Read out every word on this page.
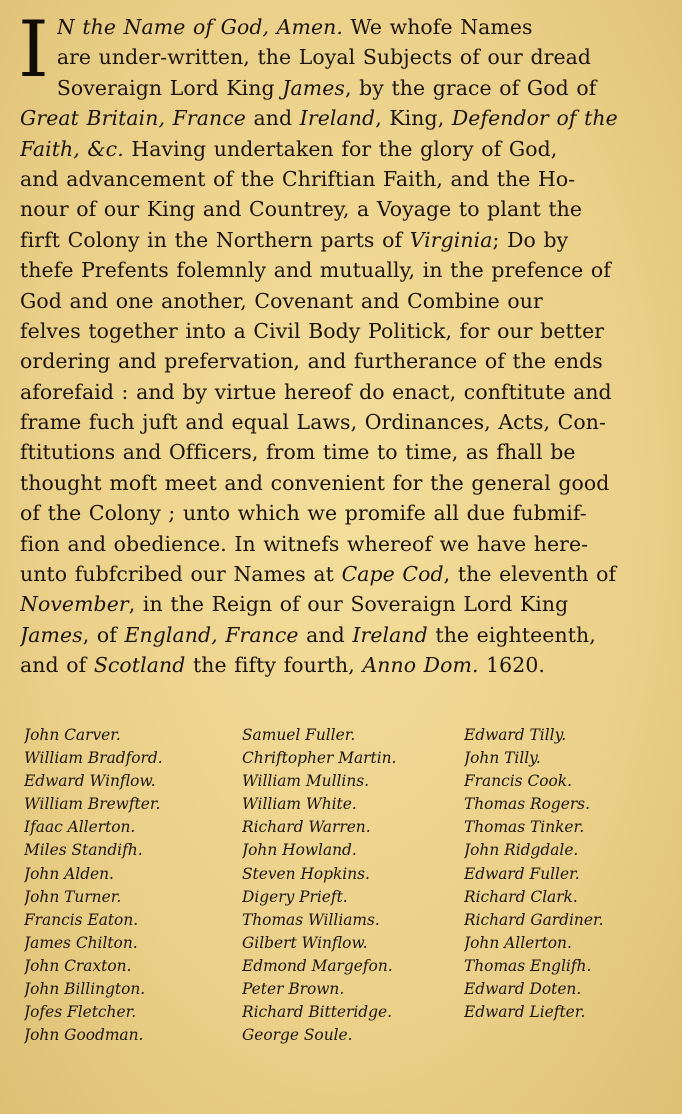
I N the Name of God, Amen. We whofe Names
are under-written, the Loyal Subjects of our dread
Soveraign Lord King James, by the grace of God of
Great Britain, France and Ireland, King, Defendor of the
Faith, &c. Having undertaken for the glory of God,
and advancement of the Chriftian Faith, and the Ho-
nour of our King and Countrey, a Voyage to plant the
firft Colony in the Northern parts of Virginia; Do by
thefe Prefents folemnly and mutually, in the prefence of
God and one another, Covenant and Combine our
felves together into a Civil Body Politick, for our better
ordering and prefervation, and furtherance of the ends
aforefaid : and by virtue hereof do enact, conftitute and
frame fuch juft and equal Laws, Ordinances, Acts, Con-
ftitutions and Officers, from time to time, as fhall be
thought moft meet and convenient for the general good
of the Colony ; unto which we promife all due fubmif-
fion and obedience. In witnefs whereof we have here-
unto fubfcribed our Names at Cape Cod, the eleventh of
November, in the Reign of our Soveraign Lord King
James, of England, France and Ireland the eighteenth,
and of Scotland the fifty fourth, Anno Dom. 1620.
John Carver.
William Bradford.
Edward Winflow.
William Brewfter.
Ifaac Allerton.
Miles Standifh.
John Alden.
John Turner.
Francis Eaton.
James Chilton.
John Craxton.
John Billington.
Jofes Fletcher.
John Goodman.
Samuel Fuller.
Chriftopher Martin.
William Mullins.
William White.
Richard Warren.
John Howland.
Steven Hopkins.
Digery Prieft.
Thomas Williams.
Gilbert Winflow.
Edmond Margefon.
Peter Brown.
Richard Bitteridge.
George Soule.
Edward Tilly.
John Tilly.
Francis Cook.
Thomas Rogers.
Thomas Tinker.
John Ridgdale.
Edward Fuller.
Richard Clark.
Richard Gardiner.
John Allerton.
Thomas Englifh.
Edward Doten.
Edward Liefter.
